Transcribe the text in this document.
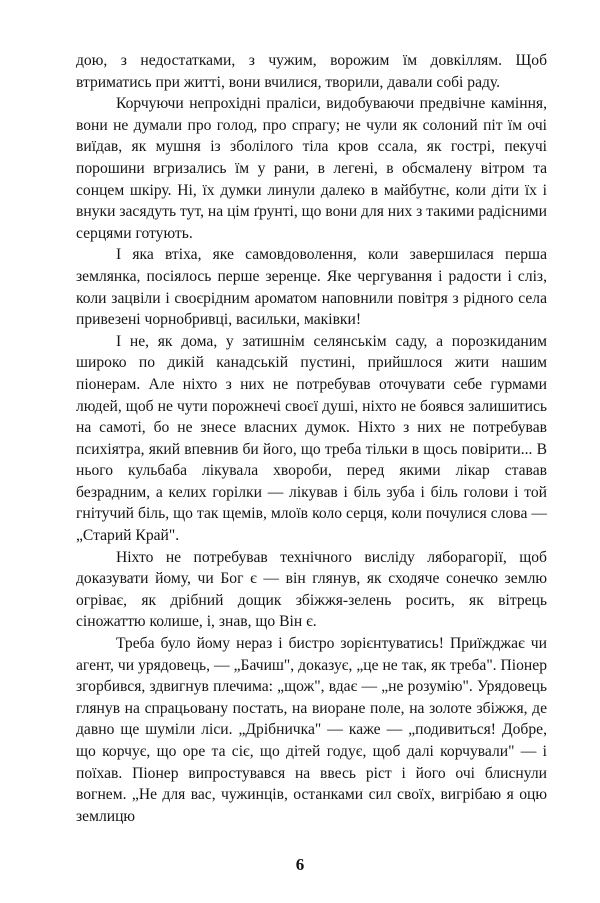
дою, з недостатками, з чужим, ворожим їм довкіллям. Щоб втриматись при житті, вони вчилися, творили, давали собі раду.

Корчуючи непрохідні праліси, видобуваючи предвічне каміння, вони не думали про голод, про спрагу; не чули як солоний піт їм очі виїдав, як мушня із зболілого тіла кров ссала, як гострі, пекучі порошини вгризались їм у рани, в легені, в обсмалену вітром та сонцем шкіру. Ні, їх думки линули далеко в майбутнє, коли діти їх і внуки засядуть тут, на цім ґрунті, що вони для них з такими радісними серцями готують.

І яка втіха, яке самовдоволення, коли завершилася перша землянка, посіялось перше зеренце. Яке чергування і радости і сліз, коли зацвіли і своєрідним ароматом наповнили повітря з рідного села привезені чорнобривці, васильки, маківки!

І не, як дома, у затишнім селянськім саду, а порозкиданим широко по дикій канадській пустині, прийшлося жити нашим піонерам. Але ніхто з них не потребував оточувати себе гурмами людей, щоб не чути порожнечі своєї душі, ніхто не боявся залишитись на самоті, бо не знесе власних думок. Ніхто з них не потребував психіятра, який впевнив би його, що треба тільки в щось повірити... В нього кульбаба лікувала хвороби, перед якими лікар ставав безрадним, а келих горілки — лікував і біль зуба і біль голови і той гнітучий біль, що так щемів, млоїв коло серця, коли почулися слова — „Старий Край".

Ніхто не потребував технічного висліду ляборагорії, щоб доказувати йому, чи Бог є — він глянув, як сходяче сонечко землю огріває, як дрібний дощик збіжжя-зелень росить, як вітрець сіножаттю колише, і, знав, що Він є.

Треба було йому нераз і бистро зорієнтуватись! Приїжджає чи агент, чи урядовець, — „Бачиш", доказує, „це не так, як треба". Піонер згорбився, здвигнув плечима: „щож", вдає — „не розумію". Урядовець глянув на спрацьовану постать, на виоране поле, на золоте збіжжя, де давно ще шуміли ліси. „Дрібничка" — каже — „подивиться! Добре, що корчує, що оре та сіє, що дітей годує, щоб далі корчували" — і поїхав. Піонер випростувався на ввесь ріст і його очі блиснули вогнем. „Не для вас, чужинців, останками сил своїх, вигрібаю я оцю землицю

6
